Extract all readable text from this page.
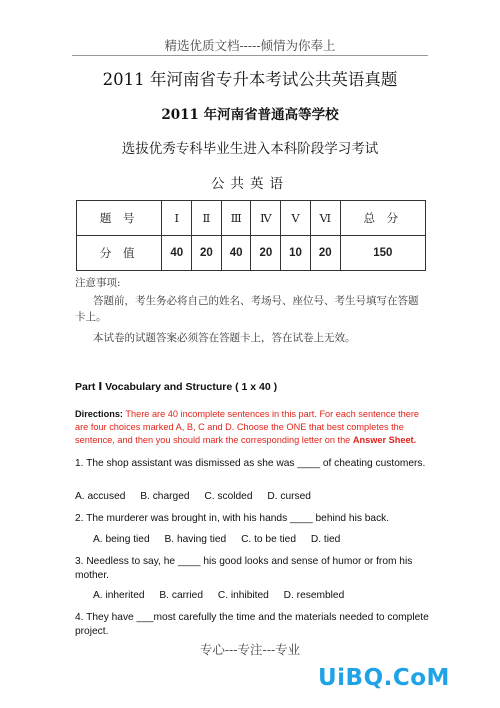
精选优质文档-----倾情为你奉上
2011 年河南省专升本考试公共英语真题
2011 年河南省普通高等学校
选拔优秀专科毕业生进入本科阶段学习考试
公共英语
题 号	Ⅰ	Ⅱ	Ⅲ	Ⅳ	Ⅴ	Ⅵ	总 分
分 值	40	20	40	20	10	20	150
注意事项:
答题前，考生务必将自己的姓名、考场号、座位号、考生号填写在答题卡上。
本试卷的试题答案必须答在答题卡上，答在试卷上无效。
Part Ⅰ Vocabulary and Structure ( 1 x 40 )
Directions: There are 40 incomplete sentences in this part. For each sentence there are four choices marked A, B, C and D. Choose the ONE that best completes the sentence, and then you should mark the corresponding letter on the Answer Sheet.
1. The shop assistant was dismissed as she was ____ of cheating customers.
A. accused B. charged C. scolded D. cursed
2. The murderer was brought in, with his hands ____ behind his back.
A. being tied B. having tied C. to be tied D. tied
3. Needless to say, he ____ his good looks and sense of humor or from his mother.
A. inherited B. carried C. inhibited D. resembled
4. They have ___most carefully the time and the materials needed to complete project.
专心---专注---专业
UiBQ.CoM
